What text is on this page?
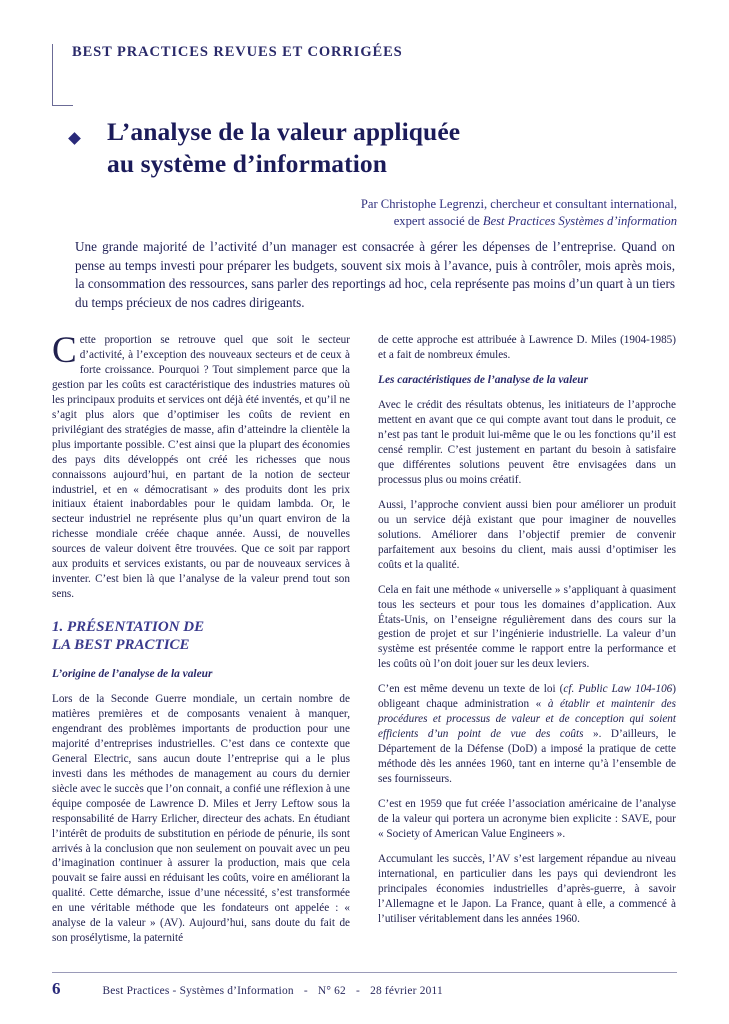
BEST PRACTICES REVUES ET CORRIGÉES
L’analyse de la valeur appliquée
au système d’information
Par Christophe Legrenzi, chercheur et consultant international,
expert associé de Best Practices Systèmes d’information
Une grande majorité de l’activité d’un manager est consacrée à gérer les dépenses de l’entreprise. Quand on pense au temps investi pour préparer les budgets, souvent six mois à l’avance, puis à contrôler, mois après mois, la consommation des ressources, sans parler des reportings ad hoc, cela représente pas moins d’un quart à un tiers du temps précieux de nos cadres dirigeants.

Cette proportion se retrouve quel que soit le secteur d’activité, à l’exception des nouveaux secteurs et de ceux à forte croissance. Pourquoi ? Tout simplement parce que la gestion par les coûts est caractéristique des industries matures où les principaux produits et services ont déjà été inventés, et qu’il ne s’agit plus alors que d’optimiser les coûts de revient en privilégiant des stratégies de masse, afin d’atteindre la clientèle la plus importante possible. C’est ainsi que la plupart des économies des pays dits développés ont créé les richesses que nous connaissons aujourd’hui, en partant de la notion de secteur industriel, et en « démocratisant » des produits dont les prix initiaux étaient inabordables pour le quidam lambda. Or, le secteur industriel ne représente plus qu’un quart environ de la richesse mondiale créée chaque année. Aussi, de nouvelles sources de valeur doivent être trouvées. Que ce soit par rapport aux produits et services existants, ou par de nouveaux services à inventer. C’est bien là que l’analyse de la valeur prend tout son sens.

1. PRÉSENTATION DE
LA BEST PRACTICE
L’origine de l’analyse de la valeur

Lors de la Seconde Guerre mondiale, un certain nombre de matières premières et de composants venaient à manquer, engendrant des problèmes importants de production pour une majorité d’entreprises industrielles. C’est dans ce contexte que General Electric, sans aucun doute l’entreprise qui a le plus investi dans les méthodes de management au cours du dernier siècle avec le succès que l’on connait, a confié une réflexion à une équipe composée de Lawrence D. Miles et Jerry Leftow sous la responsabilité de Harry Erlicher, directeur des achats. En étudiant l’intérêt de produits de substitution en période de pénurie, ils sont arrivés à la conclusion que non seulement on pouvait avec un peu d’imagination continuer à assurer la production, mais que cela pouvait se faire aussi en réduisant les coûts, voire en améliorant la qualité. Cette démarche, issue d’une nécessité, s’est transformée en une véritable méthode que les fondateurs ont appelée : « analyse de la valeur » (AV). Aujourd’hui, sans doute du fait de son prosélytisme, la paternité

de cette approche est attribuée à Lawrence D. Miles (1904-1985) et a fait de nombreux émules.

Les caractéristiques de l’analyse de la valeur

Avec le crédit des résultats obtenus, les initiateurs de l’approche mettent en avant que ce qui compte avant tout dans le produit, ce n’est pas tant le produit lui-même que le ou les fonctions qu’il est censé remplir. C’est justement en partant du besoin à satisfaire que différentes solutions peuvent être envisagées dans un processus plus ou moins créatif.

Aussi, l’approche convient aussi bien pour améliorer un produit ou un service déjà existant que pour imaginer de nouvelles solutions. Améliorer dans l’objectif premier de convenir parfaitement aux besoins du client, mais aussi d’optimiser les coûts et la qualité.

Cela en fait une méthode « universelle » s’appliquant à quasiment tous les secteurs et pour tous les domaines d’application. Aux États-Unis, on l’enseigne régulièrement dans des cours sur la gestion de projet et sur l’ingénierie industrielle. La valeur d’un système est présentée comme le rapport entre la performance et les coûts où l’on doit jouer sur les deux leviers.

C’en est même devenu un texte de loi (cf. Public Law 104-106) obligeant chaque administration « à établir et maintenir des procédures et processus de valeur et de conception qui soient efficients d’un point de vue des coûts ». D’ailleurs, le Département de la Défense (DoD) a imposé la pratique de cette méthode dès les années 1960, tant en interne qu’à l’ensemble de ses fournisseurs.

C’est en 1959 que fut créée l’association américaine de l’analyse de la valeur qui portera un acronyme bien explicite : SAVE, pour « Society of American Value Engineers ».

Accumulant les succès, l’AV s’est largement répandue au niveau international, en particulier dans les pays qui deviendront les principales économies industrielles d’après-guerre, à savoir l’Allemagne et le Japon. La France, quant à elle, a commencé à l’utiliser véritablement dans les années 1960.

6	Best Practices - Systèmes d’Information - N° 62 - 28 février 2011
